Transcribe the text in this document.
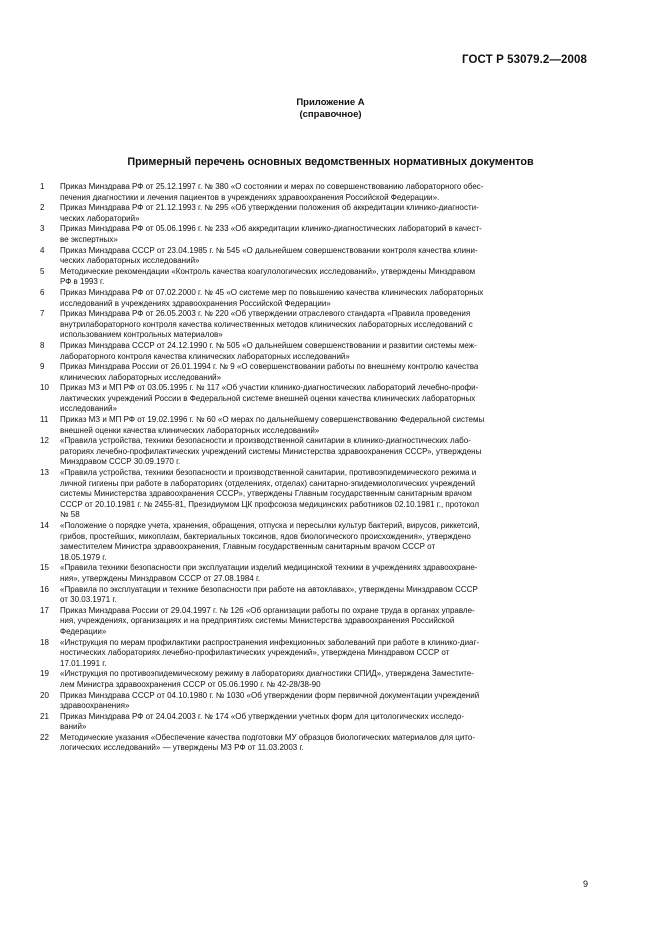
ГОСТ Р 53079.2—2008
Приложение А
(справочное)
Примерный перечень основных ведомственных нормативных документов
1	Приказ Минздрава РФ от 25.12.1997 г. № 380 «О состоянии и мерах по совершенствованию лабораторного обес-
печения диагностики и лечения пациентов в учреждениях здравоохранения Российской Федерации».
2	Приказ Минздрава РФ от 21.12.1993 г. № 295 «Об утверждении положения об аккредитации клинико-диагности-
ческих лабораторий»
3	Приказ Минздрава РФ от 05.06.1996 г. № 233 «Об аккредитации клинико-диагностических лабораторий в качест-
ве экспертных»
4	Приказ Минздрава СССР от 23.04.1985 г. № 545 «О дальнейшем совершенствовании контроля качества клини-
ческих лабораторных исследований»
5	Методические рекомендации «Контроль качества коагулологических исследований», утверждены Минздравом
РФ в 1993 г.
6	Приказ Минздрава РФ от 07.02.2000 г. № 45 «О системе мер по повышению качества клинических лабораторных
исследований в учреждениях здравоохранения Российской Федерации»
7	Приказ Минздрава РФ от 26.05.2003 г. № 220 «Об утверждении отраслевого стандарта «Правила проведения
внутрилабораторного контроля качества количественных методов клинических лабораторных исследований с
использованием контрольных материалов»
8	Приказ Минздрава СССР от 24.12.1990 г. № 505 «О дальнейшем совершенствовании и развитии системы меж-
лабораторного контроля качества клинических лабораторных исследований»
9	Приказ Минздрава России от 26.01.1994 г. № 9 «О совершенствовании работы по внешнему контролю качества
клинических лабораторных исследований»
10	Приказ МЗ и МП РФ от 03.05.1995 г. № 117 «Об участии клинико-диагностических лабораторий лечебно-профи-
лактических учреждений России в Федеральной системе внешней оценки качества клинических лабораторных
исследований»
11	Приказ МЗ и МП РФ от 19.02.1996 г. № 60 «О мерах по дальнейшему совершенствованию Федеральной системы
внешней оценки качества клинических лабораторных исследований»
12	«Правила устройства, техники безопасности и производственной санитарии в клинико-диагностических лабо-
раториях лечебно-профилактических учреждений системы Министерства здравоохранения СССР», утверждены
Минздравом СССР 30.09.1970 г.
13	«Правила устройства, техники безопасности и производственной санитарии, противоэпидемического режима и
личной гигиены при работе в лабораториях (отделениях, отделах) санитарно-эпидемиологических учреждений
системы Министерства здравоохранения СССР», утверждены Главным государственным санитарным врачом
СССР от 20.10.1981 г. № 2455-81, Президиумом ЦК профсоюза медицинских работников 02.10.1981 г., протокол
№ 58
14	«Положение о порядке учета, хранения, обращения, отпуска и пересылки культур бактерий, вирусов, риккетсий,
грибов, простейших, микоплазм, бактериальных токсинов, ядов биологического происхождения», утверждено
заместителем Министра здравоохранения, Главным государственным санитарным врачом СССР от
18.05.1979 г.
15	«Правила техники безопасности при эксплуатации изделий медицинской техники в учреждениях здравоохране-
ния», утверждены Минздравом СССР от 27.08.1984 г.
16	«Правила по эксплуатации и технике безопасности при работе на автоклавах», утверждены Минздравом СССР
от 30.03.1971 г.
17	Приказ Минздрава России от 29.04.1997 г. № 126 «Об организации работы по охране труда в органах управле-
ния, учреждениях, организациях и на предприятиях системы Министерства здравоохранения Российской
Федерации»
18	«Инструкция по мерам профилактики распространения инфекционных заболеваний при работе в клинико-диаг-
ностических лабораториях лечебно-профилактических учреждений», утверждена Минздравом СССР от
17.01.1991 г.
19	«Инструкция по противоэпидемическому режиму в лабораториях диагностики СПИД», утверждена Заместите-
лем Министра здравоохранения СССР от 05.06.1990 г. № 42-28/38-90
20	Приказ Минздрава СССР от 04.10.1980 г. № 1030 «Об утверждении форм первичной документации учреждений
здравоохранения»
21	Приказ Минздрава РФ от 24.04.2003 г. № 174 «Об утверждении учетных форм для цитологических исследо-
ваний»
22	Методические указания «Обеспечение качества подготовки МУ образцов биологических материалов для цито-
логических исследований» — утверждены МЗ РФ от 11.03.2003 г.
9
